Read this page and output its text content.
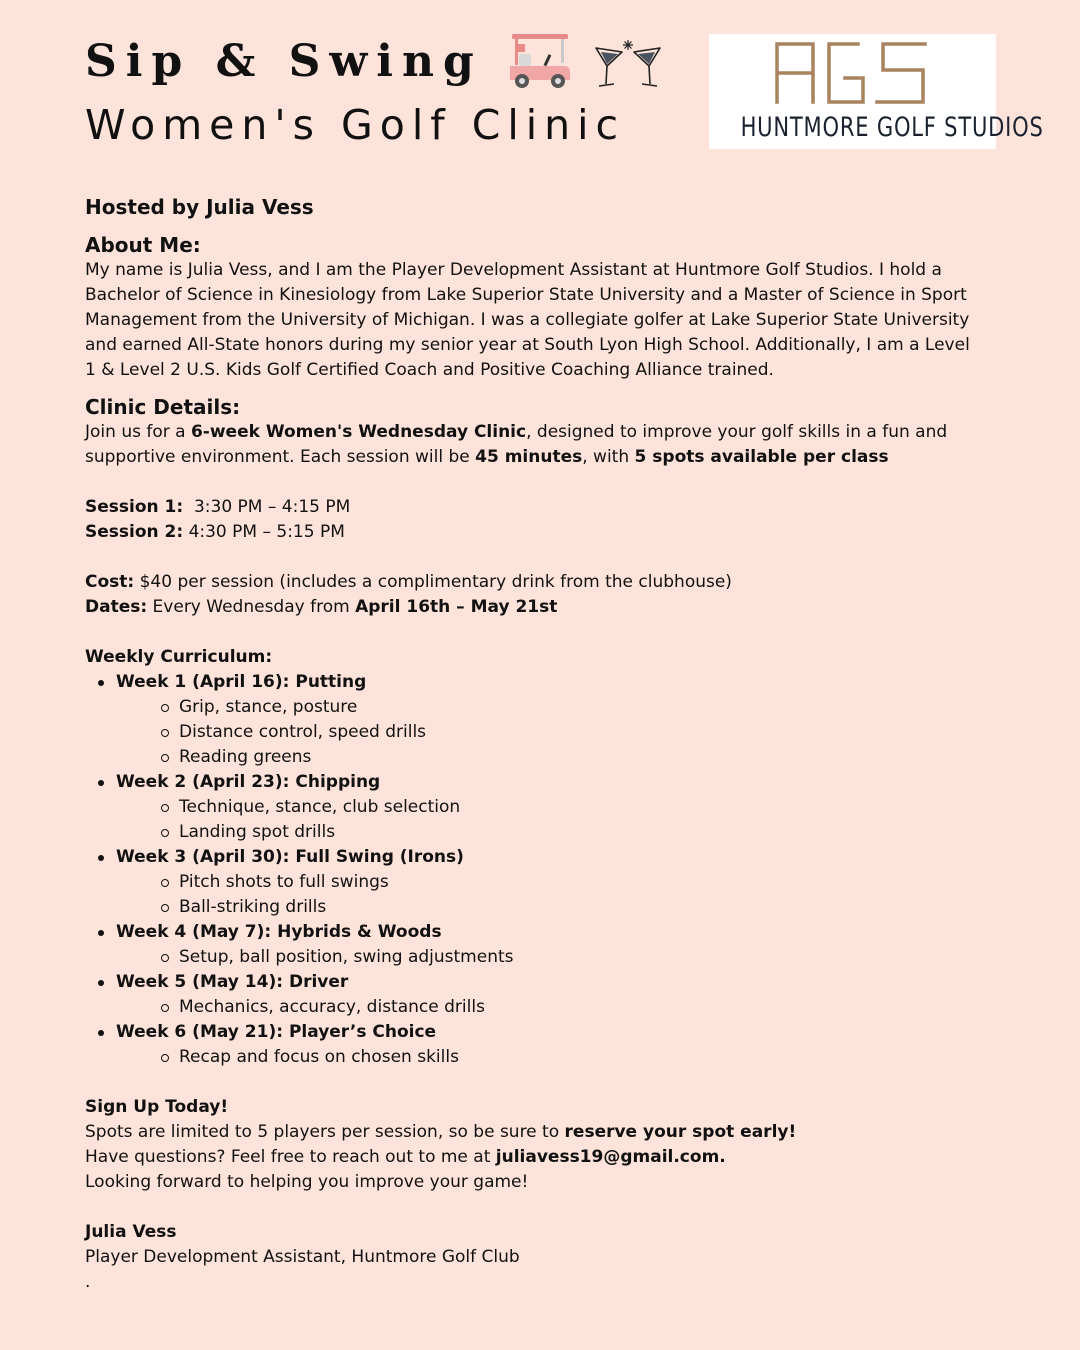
Sip & Swing
Women's Golf Clinic	HUNTMORE GOLF STUDIOS

Hosted by Julia Vess

About Me:

My name is Julia Vess, and I am the Player Development Assistant at Huntmore Golf Studios. I hold a Bachelor of Science in Kinesiology from Lake Superior State University and a Master of Science in Sport Management from the University of Michigan. I was a collegiate golfer at Lake Superior State University and earned All-State honors during my senior year at South Lyon High School. Additionally, I am a Level 1 & Level 2 U.S. Kids Golf Certified Coach and Positive Coaching Alliance trained.

Clinic Details:

Join us for a 6-week Women's Wednesday Clinic, designed to improve your golf skills in a fun and supportive environment. Each session will be 45 minutes, with 5 spots available per class

Session 1:  3:30 PM – 4:15 PM

Session 2: 4:30 PM – 5:15 PM

Cost: $40 per session (includes a complimentary drink from the clubhouse)

Dates: Every Wednesday from April 16th – May 21st

Weekly Curriculum:

Week 1 (April 16): Putting
Grip, stance, posture
Distance control, speed drills
Reading greens
Week 2 (April 23): Chipping
Technique, stance, club selection
Landing spot drills
Week 3 (April 30): Full Swing (Irons)
Pitch shots to full swings
Ball-striking drills
Week 4 (May 7): Hybrids & Woods
Setup, ball position, swing adjustments
Week 5 (May 14): Driver
Mechanics, accuracy, distance drills
Week 6 (May 21): Player’s Choice
Recap and focus on chosen skills

Sign Up Today!

Spots are limited to 5 players per session, so be sure to reserve your spot early!

Have questions? Feel free to reach out to me at juliavess19@gmail.com.

Looking forward to helping you improve your game!

Julia Vess

Player Development Assistant, Huntmore Golf Club

.
